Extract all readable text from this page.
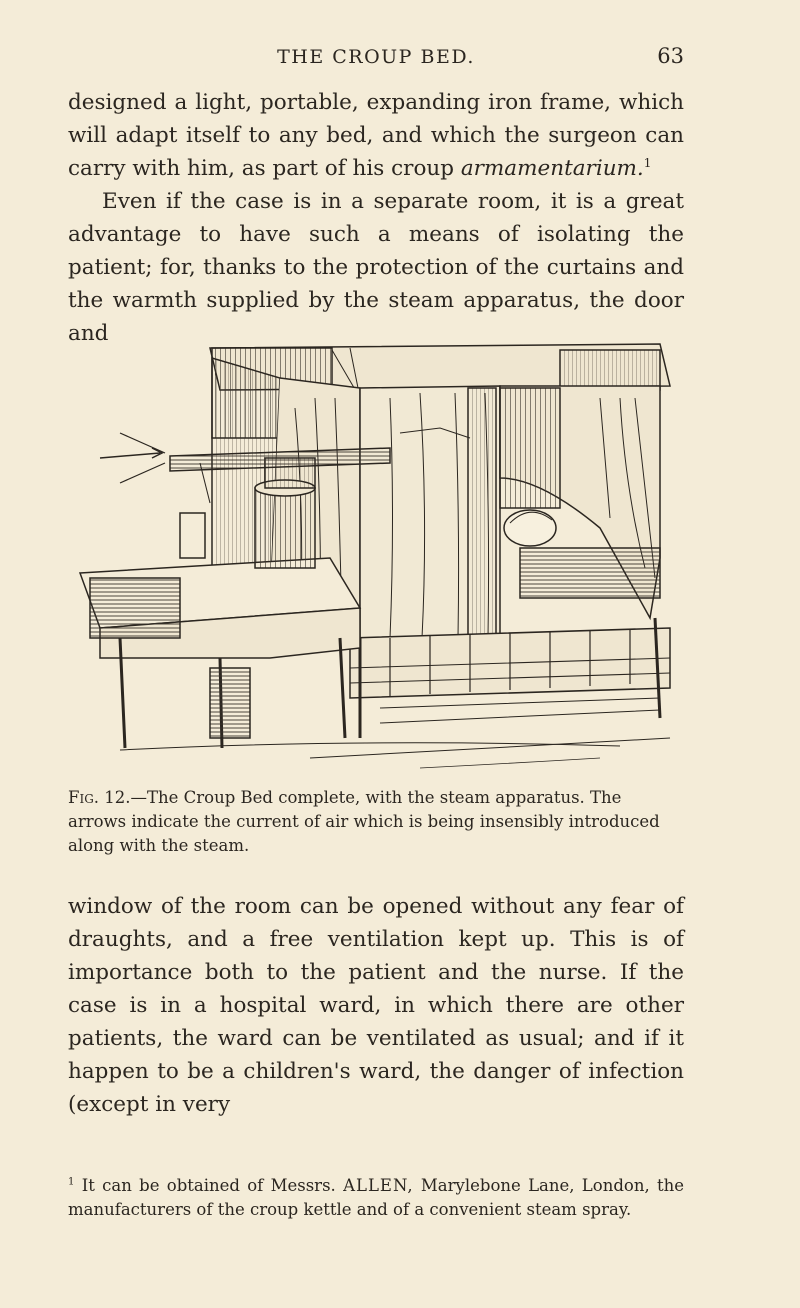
THE CROUP BED.	63

designed a light, portable, expanding iron frame, which will adapt itself to any bed, and which the surgeon can carry with him, as part of his croup armamentarium.$^1$
Even if the case is in a separate room, it is a great advantage to have such a means of isolating the patient; for, thanks to the protection of the curtains and the warmth supplied by the steam apparatus, the door and

Fig. 12.—The Croup Bed complete, with the steam apparatus. The arrows indicate the current of air which is being insensibly introduced along with the steam.

window of the room can be opened without any fear of draughts, and a free ventilation kept up. This is of importance both to the patient and the nurse. If the case is in a hospital ward, in which there are other patients, the ward can be ventilated as usual; and if it happen to be a children's ward, the danger of infection (except in very

$^1$ It can be obtained of Messrs. ALLEN, Marylebone Lane, London, the manufacturers of the croup kettle and of a convenient steam spray.
